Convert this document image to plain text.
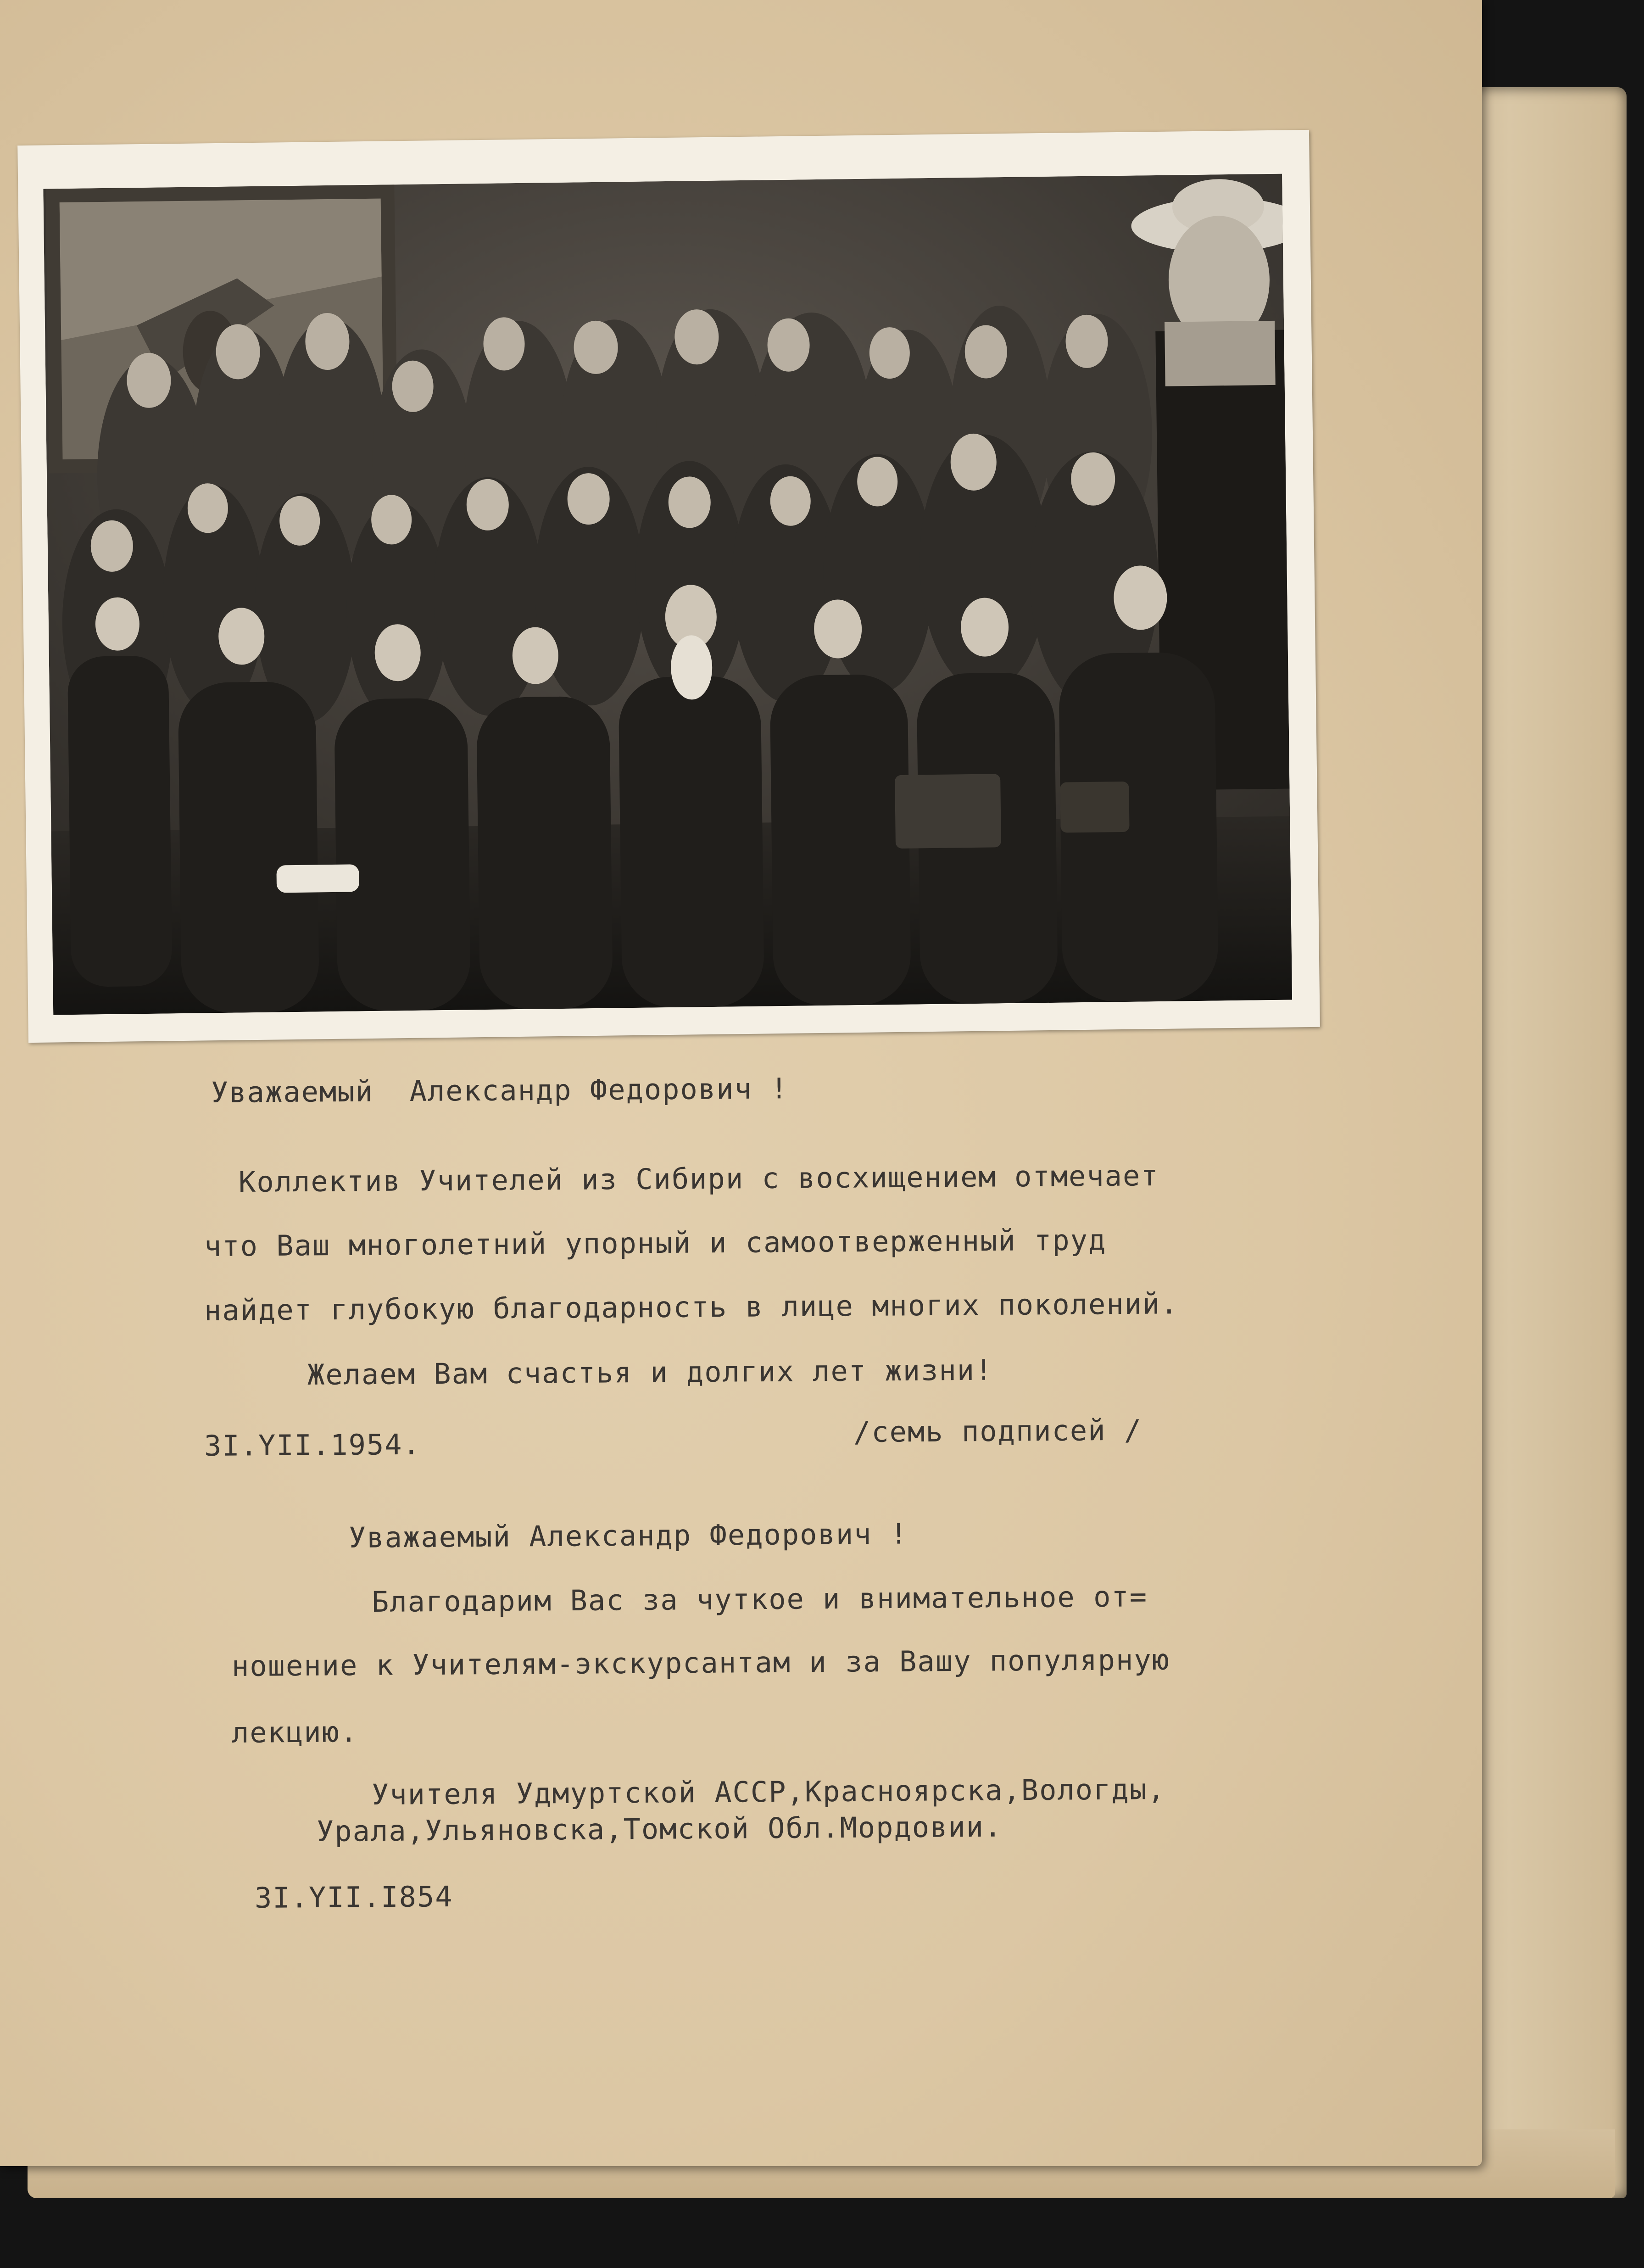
Уважаемый  Александр Федорович !
Коллектив Учителей из Сибири с восхищением отмечает
что Ваш многолетний упорный и самоотверженный труд
найдет глубокую благодарность в лице многих поколений.
Желаем Вам счастья и долгих лет жизни!
3I.YII.1954.	/семь подписей /
Уважаемый Александр Федорович !
Благодарим Вас за чуткое и внимательное от=
ношение к Учителям-экскурсантам и за Вашу популярную
лекцию.
Учителя Удмуртской АССР,Красноярска,Вологды,
Урала,Ульяновска,Томской Обл.Мордовии.
3I.YII.I854
